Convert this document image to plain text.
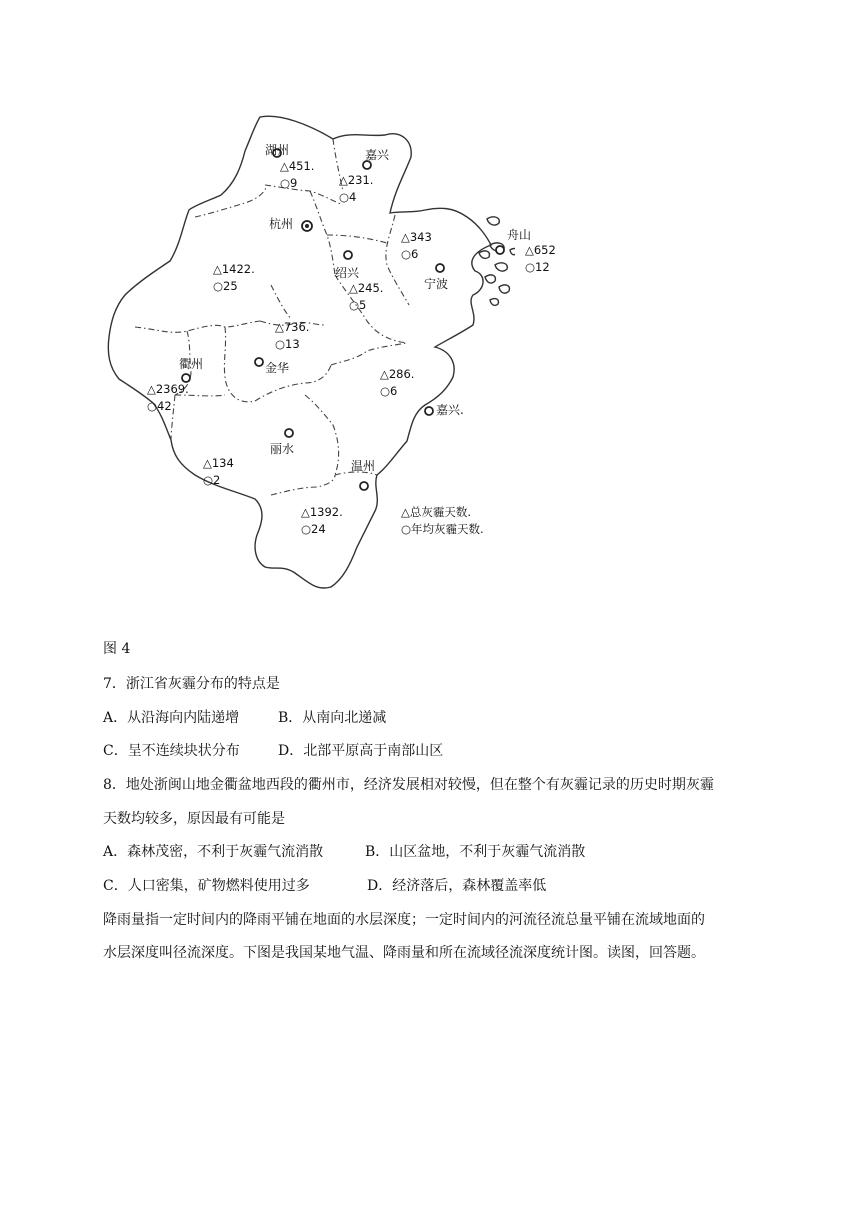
湖州
△451.
○9
嘉兴
△231.
○4
杭州
△1422.
○25
舟山
△652
○12
绍兴
△245.
○5
宁波
△343
○6
金华
△736.
○13
衢州
△2369.
○42	嘉兴.
△286.
○6
丽水
△134
○2
温州
△1392.
○24
△总灰霾天数.
○年均灰霾天数.
图 4
7．浙江省灰霾分布的特点是
A．从沿海向内陆递增	B．从南向北递减
C．呈不连续块状分布	D．北部平原高于南部山区
8．地处浙闽山地金衢盆地西段的衢州市，经济发展相对较慢，但在整个有灰霾记录的历史时期灰霾
天数均较多，原因最有可能是
A．森林茂密，不利于灰霾气流消散	B．山区盆地，不利于灰霾气流消散
C．人口密集，矿物燃料使用过多	D．经济落后，森林覆盖率低
降雨量指一定时间内的降雨平铺在地面的水层深度；一定时间内的河流径流总量平铺在流域地面的
水层深度叫径流深度。下图是我国某地气温、降雨量和所在流域径流深度统计图。读图，回答题。
